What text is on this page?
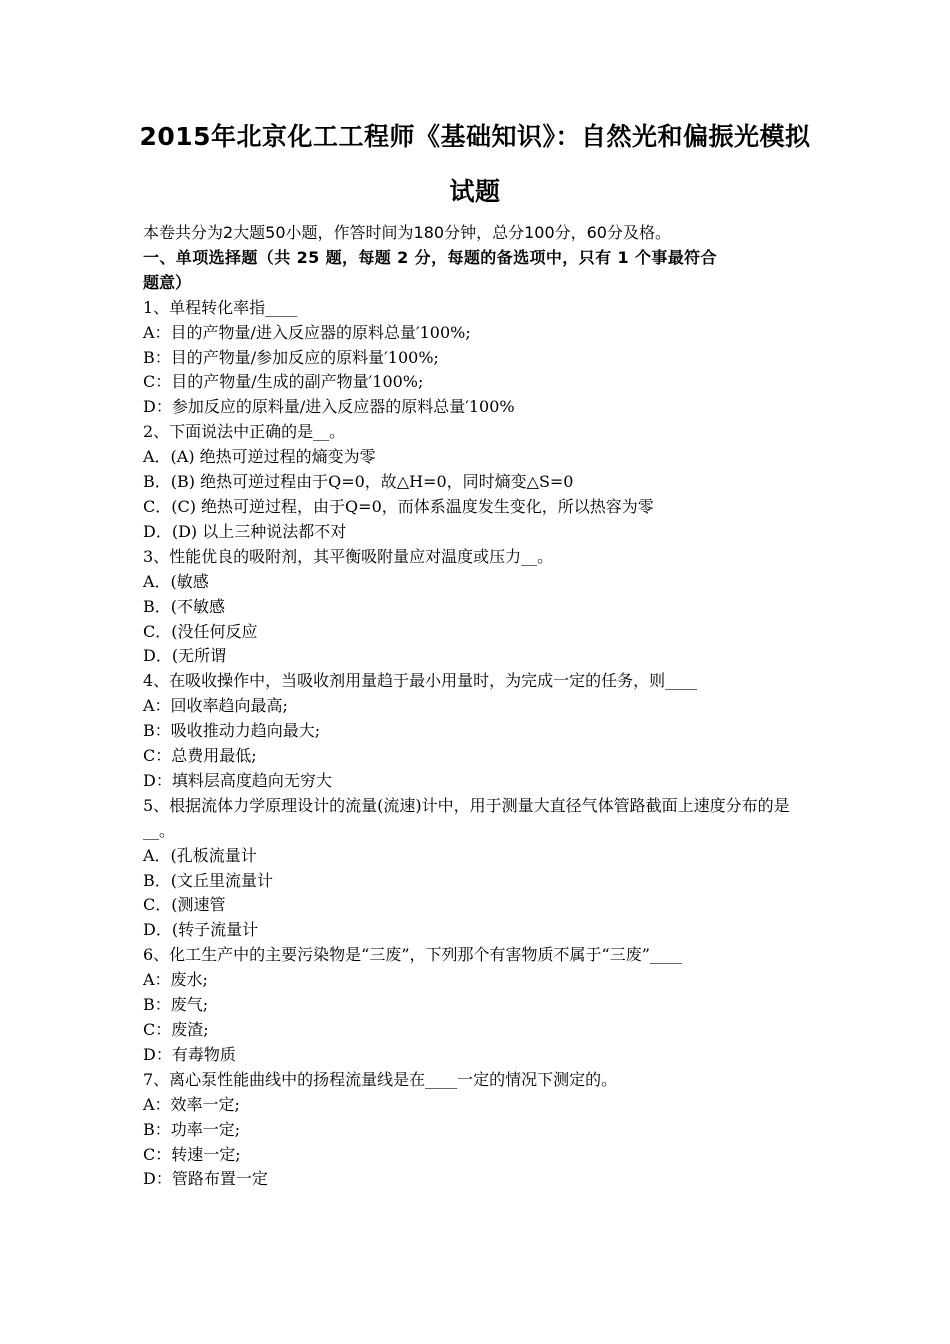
2015年北京化工工程师《基础知识》：自然光和偏振光模拟
试题
本卷共分为2大题50小题，作答时间为180分钟，总分100分，60分及格。
一、单项选择题（共 25 题，每题 2 分，每题的备选项中，只有 1 个事最符合
题意）
1、单程转化率指____
A：目的产物量/进入反应器的原料总量′100%;
B：目的产物量/参加反应的原料量′100%;
C：目的产物量/生成的副产物量′100%;
D：参加反应的原料量/进入反应器的原料总量′100%
2、下面说法中正确的是__。
A．(A) 绝热可逆过程的熵变为零
B．(B) 绝热可逆过程由于Q=0，故△H=0，同时熵变△S=0
C．(C) 绝热可逆过程，由于Q=0，而体系温度发生变化，所以热容为零
D．(D) 以上三种说法都不对
3、性能优良的吸附剂，其平衡吸附量应对温度或压力__。
A．(敏感
B．(不敏感
C．(没任何反应
D．(无所谓
4、在吸收操作中，当吸收剂用量趋于最小用量时，为完成一定的任务，则____
A：回收率趋向最高;
B：吸收推动力趋向最大;
C：总费用最低;
D：填料层高度趋向无穷大
5、根据流体力学原理设计的流量(流速)计中，用于测量大直径气体管路截面上速度分布的是__。
A．(孔板流量计
B．(文丘里流量计
C．(测速管
D．(转子流量计
6、化工生产中的主要污染物是“三废”，下列那个有害物质不属于“三废”____
A：废水;
B：废气;
C：废渣;
D：有毒物质
7、离心泵性能曲线中的扬程流量线是在____一定的情况下测定的。
A：效率一定;
B：功率一定;
C：转速一定;
D：管路布置一定
